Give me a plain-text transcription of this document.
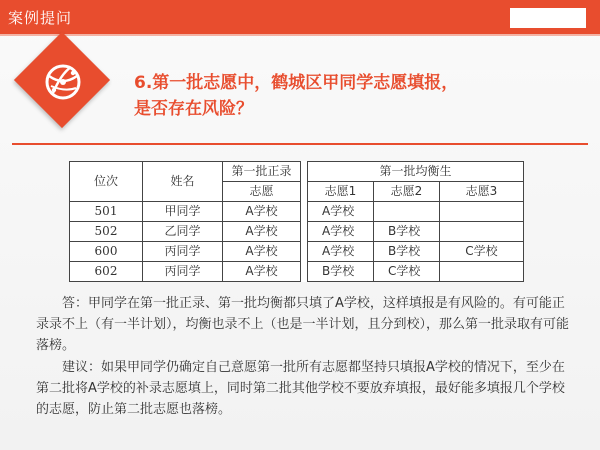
案例提问
6.第一批志愿中，鹤城区甲同学志愿填报，
是否存在风险？
位次	姓名	第一批正录		第一批均衡生		
		志愿		志愿1	志愿2	志愿3
501	甲同学	A学校		A学校		
502	乙同学	A学校		A学校	B学校	
600	丙同学	A学校		A学校	B学校	C学校
602	丙同学	A学校		B学校	C学校	
答：甲同学在第一批正录、第一批均衡都只填了A学校，这样填报是有风险的。有可能正录录不上（有一半计划），均衡也录不上（也是一半计划，且分到校），那么第一批录取有可能落榜。
建议：如果甲同学仍确定自己意愿第一批所有志愿都坚持只填报A学校的情况下，至少在第二批将A学校的补录志愿填上，同时第二批其他学校不要放弃填报，最好能多填报几个学校的志愿，防止第二批志愿也落榜。
